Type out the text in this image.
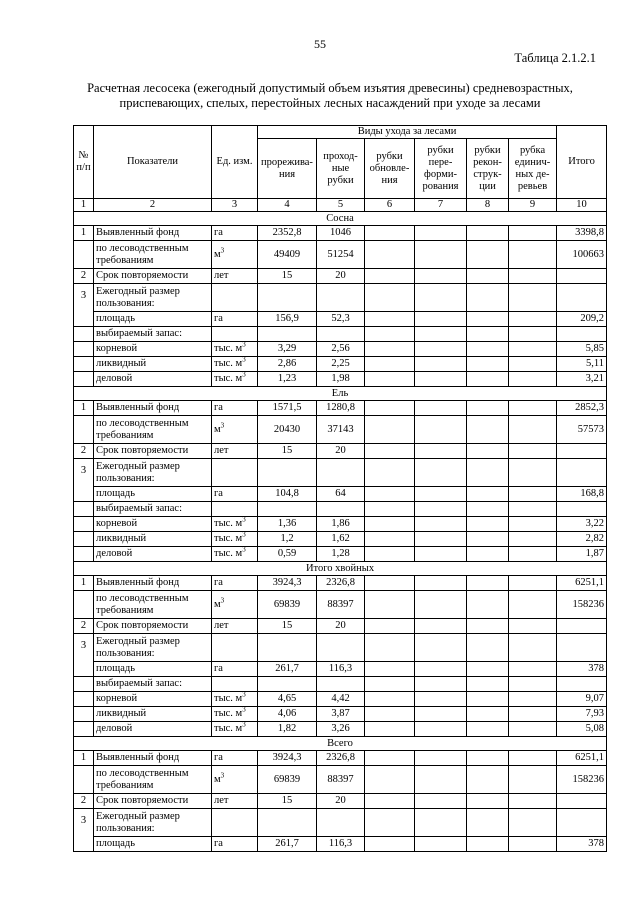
55
Таблица 2.1.2.1
Расчетная лесосека (ежегодный допустимый объем изъятия древесины) средневозрастных,
приспевающих, спелых, перестойных лесных насаждений при уходе за лесами
№ п/п	Показатели	Ед. изм.	Виды ухода за лесами						Итого
			прорежива-ния	проход-ные рубки	рубки обновле-ния	рубки пере-форми-рования	рубки рекон-струк-ции	рубка единич-ных де-ревьев	
1	2	3	4	5	6	7	8	9	10
Сосна									
1	Выявленный фонд	га	2352,8	1046					3398,8
	по лесоводственным требованиям	$м^3$	49409	51254					100663
2	Срок повторяемости	лет	15	20					
3	Ежегодный размер пользования:								
	площадь	га	156,9	52,3					209,2
	выбираемый запас:								
	корневой	тыс. $м^3$	3,29	2,56					5,85
	ликвидный	тыс. $м^3$	2,86	2,25					5,11
	деловой	тыс. $м^3$	1,23	1,98					3,21
Ель									
1	Выявленный фонд	га	1571,5	1280,8					2852,3
	по лесоводственным требованиям	$м^3$	20430	37143					57573
2	Срок повторяемости	лет	15	20					
3	Ежегодный размер пользования:								
	площадь	га	104,8	64					168,8
	выбираемый запас:								
	корневой	тыс. $м^3$	1,36	1,86					3,22
	ликвидный	тыс. $м^3$	1,2	1,62					2,82
	деловой	тыс. $м^3$	0,59	1,28					1,87
Итого хвойных									
1	Выявленный фонд	га	3924,3	2326,8					6251,1
	по лесоводственным требованиям	$м^3$	69839	88397					158236
2	Срок повторяемости	лет	15	20					
3	Ежегодный размер пользования:								
	площадь	га	261,7	116,3					378
	выбираемый запас:								
	корневой	тыс. $м^3$	4,65	4,42					9,07
	ликвидный	тыс. $м^3$	4,06	3,87					7,93
	деловой	тыс. $м^3$	1,82	3,26					5,08
Всего									
1	Выявленный фонд	га	3924,3	2326,8					6251,1
	по лесоводственным требованиям	$м^3$	69839	88397					158236
2	Срок повторяемости	лет	15	20					
3	Ежегодный размер пользования:								
	площадь	га	261,7	116,3					378
